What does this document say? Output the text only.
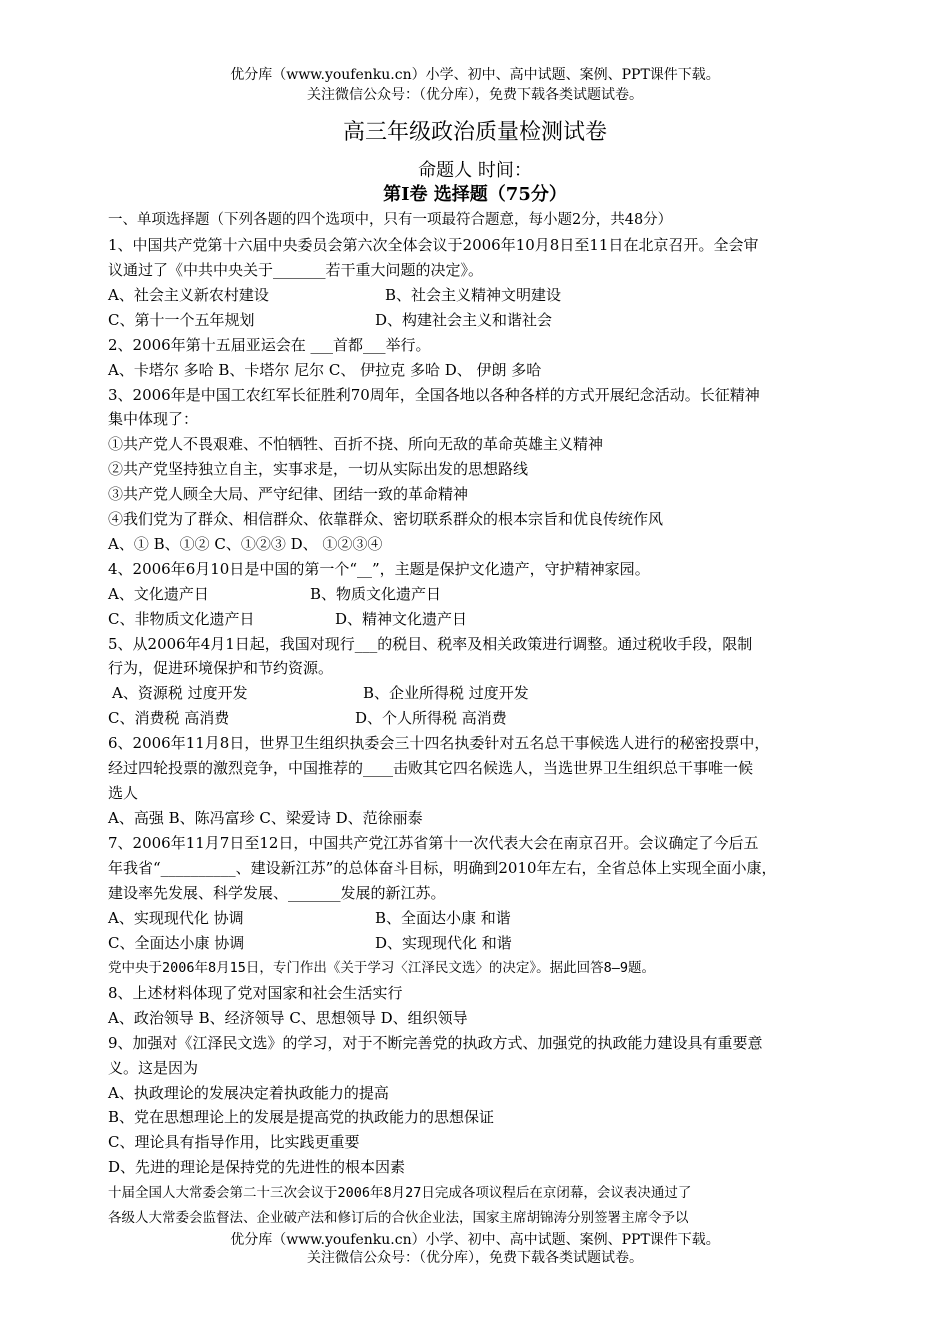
优分库（www.youfenku.cn）小学、初中、高中试题、案例、PPT课件下载。
关注微信公众号：（优分库），免费下载各类试题试卷。
高三年级政治质量检测试卷
命题人 时间：
第I卷 选择题（75分）
一、单项选择题（下列各题的四个选项中，只有一项最符合题意，每小题2分，共48分）
1、中国共产党第十六届中央委员会第六次全体会议于2006年10月8日至11日在北京召开。全会审
议通过了《中共中央关于_______若干重大问题的决定》。
A、社会主义新农村建设	B、社会主义精神文明建设
C、第十一个五年规划	D、构建社会主义和谐社会
2、2006年第十五届亚运会在 ___首都___举行。
A、卡塔尔 多哈 B、卡塔尔 尼尔 C、 伊拉克 多哈 D、 伊朗 多哈
3、2006年是中国工农红军长征胜利70周年，全国各地以各种各样的方式开展纪念活动。长征精神
集中体现了：
①共产党人不畏艰难、不怕牺牲、百折不挠、所向无敌的革命英雄主义精神
②共产党坚持独立自主，实事求是，一切从实际出发的思想路线
③共产党人顾全大局、严守纪律、团结一致的革命精神
④我们党为了群众、相信群众、依靠群众、密切联系群众的根本宗旨和优良传统作风
A、① B、①② C、①②③ D、 ①②③④
4、2006年6月10日是中国的第一个“__”，主题是保护文化遗产，守护精神家园。
A、文化遗产日	B、物质文化遗产日
C、非物质文化遗产日	D、精神文化遗产日
5、从2006年4月1日起，我国对现行___的税目、税率及相关政策进行调整。通过税收手段，限制
行为，促进环境保护和节约资源。
A、资源税 过度开发	B、企业所得税 过度开发
C、消费税 高消费	D、个人所得税 高消费
6、2006年11月8日，世界卫生组织执委会三十四名执委针对五名总干事候选人进行的秘密投票中，
经过四轮投票的激烈竞争，中国推荐的____击败其它四名候选人，当选世界卫生组织总干事唯一候
选人
A、高强 B、陈冯富珍 C、梁爱诗 D、范徐丽泰
7、2006年11月7日至12日，中国共产党江苏省第十一次代表大会在南京召开。会议确定了今后五
年我省“__________、建设新江苏”的总体奋斗目标，明确到2010年左右，全省总体上实现全面小康，
建设率先发展、科学发展、_______发展的新江苏。
A、实现现代化 协调	B、全面达小康 和谐
C、全面达小康 协调	D、实现现代化 和谐
党中央于2006年8月15日，专门作出《关于学习〈江泽民文选〉的决定》。据此回答8—9题。
8、上述材料体现了党对国家和社会生活实行
A、政治领导 B、经济领导 C、思想领导 D、组织领导
9、加强对《江泽民文选》的学习，对于不断完善党的执政方式、加强党的执政能力建设具有重要意
义。这是因为
A、执政理论的发展决定着执政能力的提高
B、党在思想理论上的发展是提高党的执政能力的思想保证
C、理论具有指导作用，比实践更重要
D、先进的理论是保持党的先进性的根本因素
十届全国人大常委会第二十三次会议于2006年8月27日完成各项议程后在京闭幕，会议表决通过了
各级人大常委会监督法、企业破产法和修订后的合伙企业法，国家主席胡锦涛分别签署主席令予以
优分库（www.youfenku.cn）小学、初中、高中试题、案例、PPT课件下载。
关注微信公众号：（优分库），免费下载各类试题试卷。
